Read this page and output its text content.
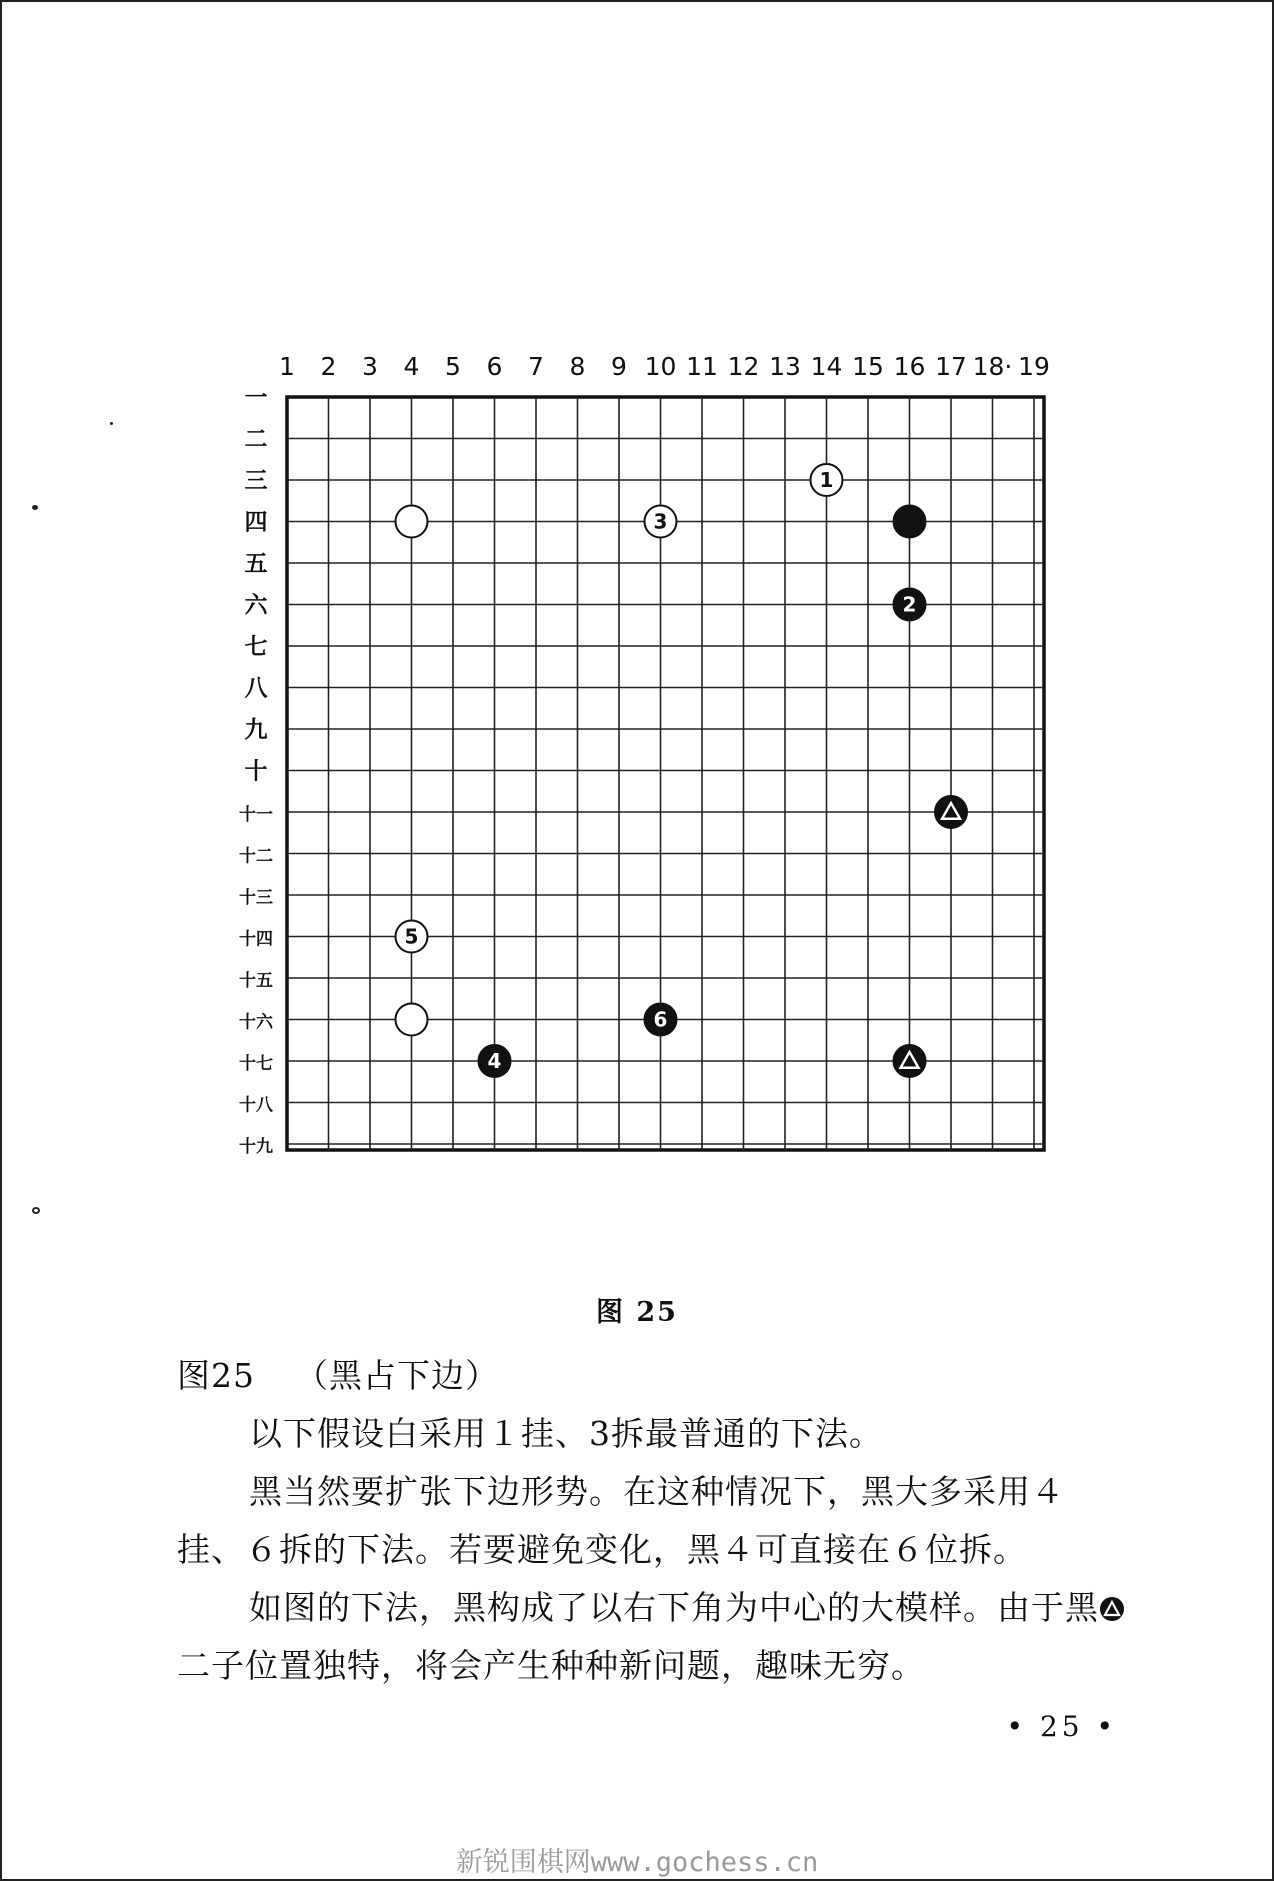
1 2 3 4 5 6 7 8 9 10 11 12 13 14 15 16 17 18· 19
一
二
三
四
五
六
七
八
九
十
十一
十二
十三
十四
十五
十六
十七
十八
十九
1
3
2
5
6
4
图 25
图25 （黑占下边）

以下假设白采用１挂、3拆最普通的下法。

黑当然要扩张下边形势。在这种情况下，黑大多采用４挂、６拆的下法。若要避免变化，黑４可直接在６位拆。

如图的下法，黑构成了以右下角为中心的大模样。由于黑二子位置独特，将会产生种种新问题，趣味无穷。

• 25 •
新锐围棋网www.gochess.cn
